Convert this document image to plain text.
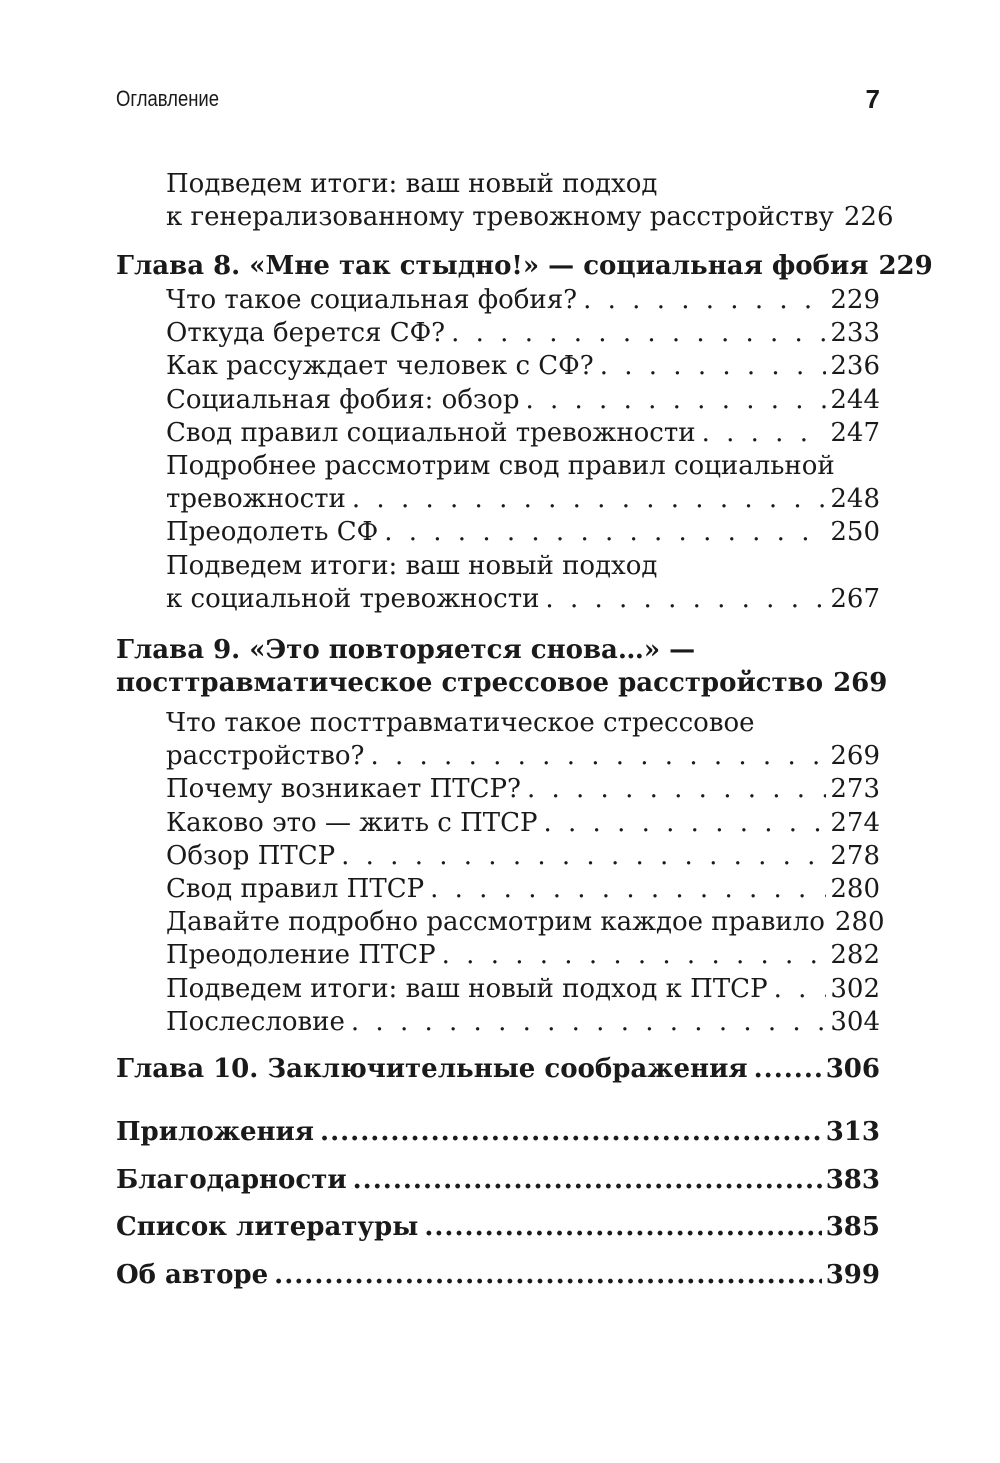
Оглавление	7
Подведем итоги: ваш новый подход
к генерализованному тревожному расстройству 226
Глава 8. «Мне так стыдно!» — социальная фобия 229
Что такое социальная фобия? . . .	229
Откуда берется СФ? . . .	233
Как рассуждает человек с СФ? . . .	236
Социальная фобия: обзор . . .	244
Свод правил социальной тревожности . . .	247
Подробнее рассмотрим свод правил социальной
тревожности . . .	248
Преодолеть СФ . . .	250
Подведем итоги: ваш новый подход
к социальной тревожности . . .	267
Глава 9. «Это повторяется снова…» —
посттравматическое стрессовое расстройство 269
Что такое посттравматическое стрессовое
расстройство? . . .	269
Почему возникает ПТСР? . . .	273
Каково это — жить с ПТСР . . .	274
Обзор ПТСР . . .	278
Свод правил ПТСР . . .	280
Давайте подробно рассмотрим каждое правило 280
Преодоление ПТСР . . .	282
Подведем итоги: ваш новый подход к ПТСР . . . 302
Послесловие . . .	304
Глава 10. Заключительные соображения .....	306
Приложения .....	313
Благодарности .....	383
Список литературы .....	385
Об авторе .....	399
